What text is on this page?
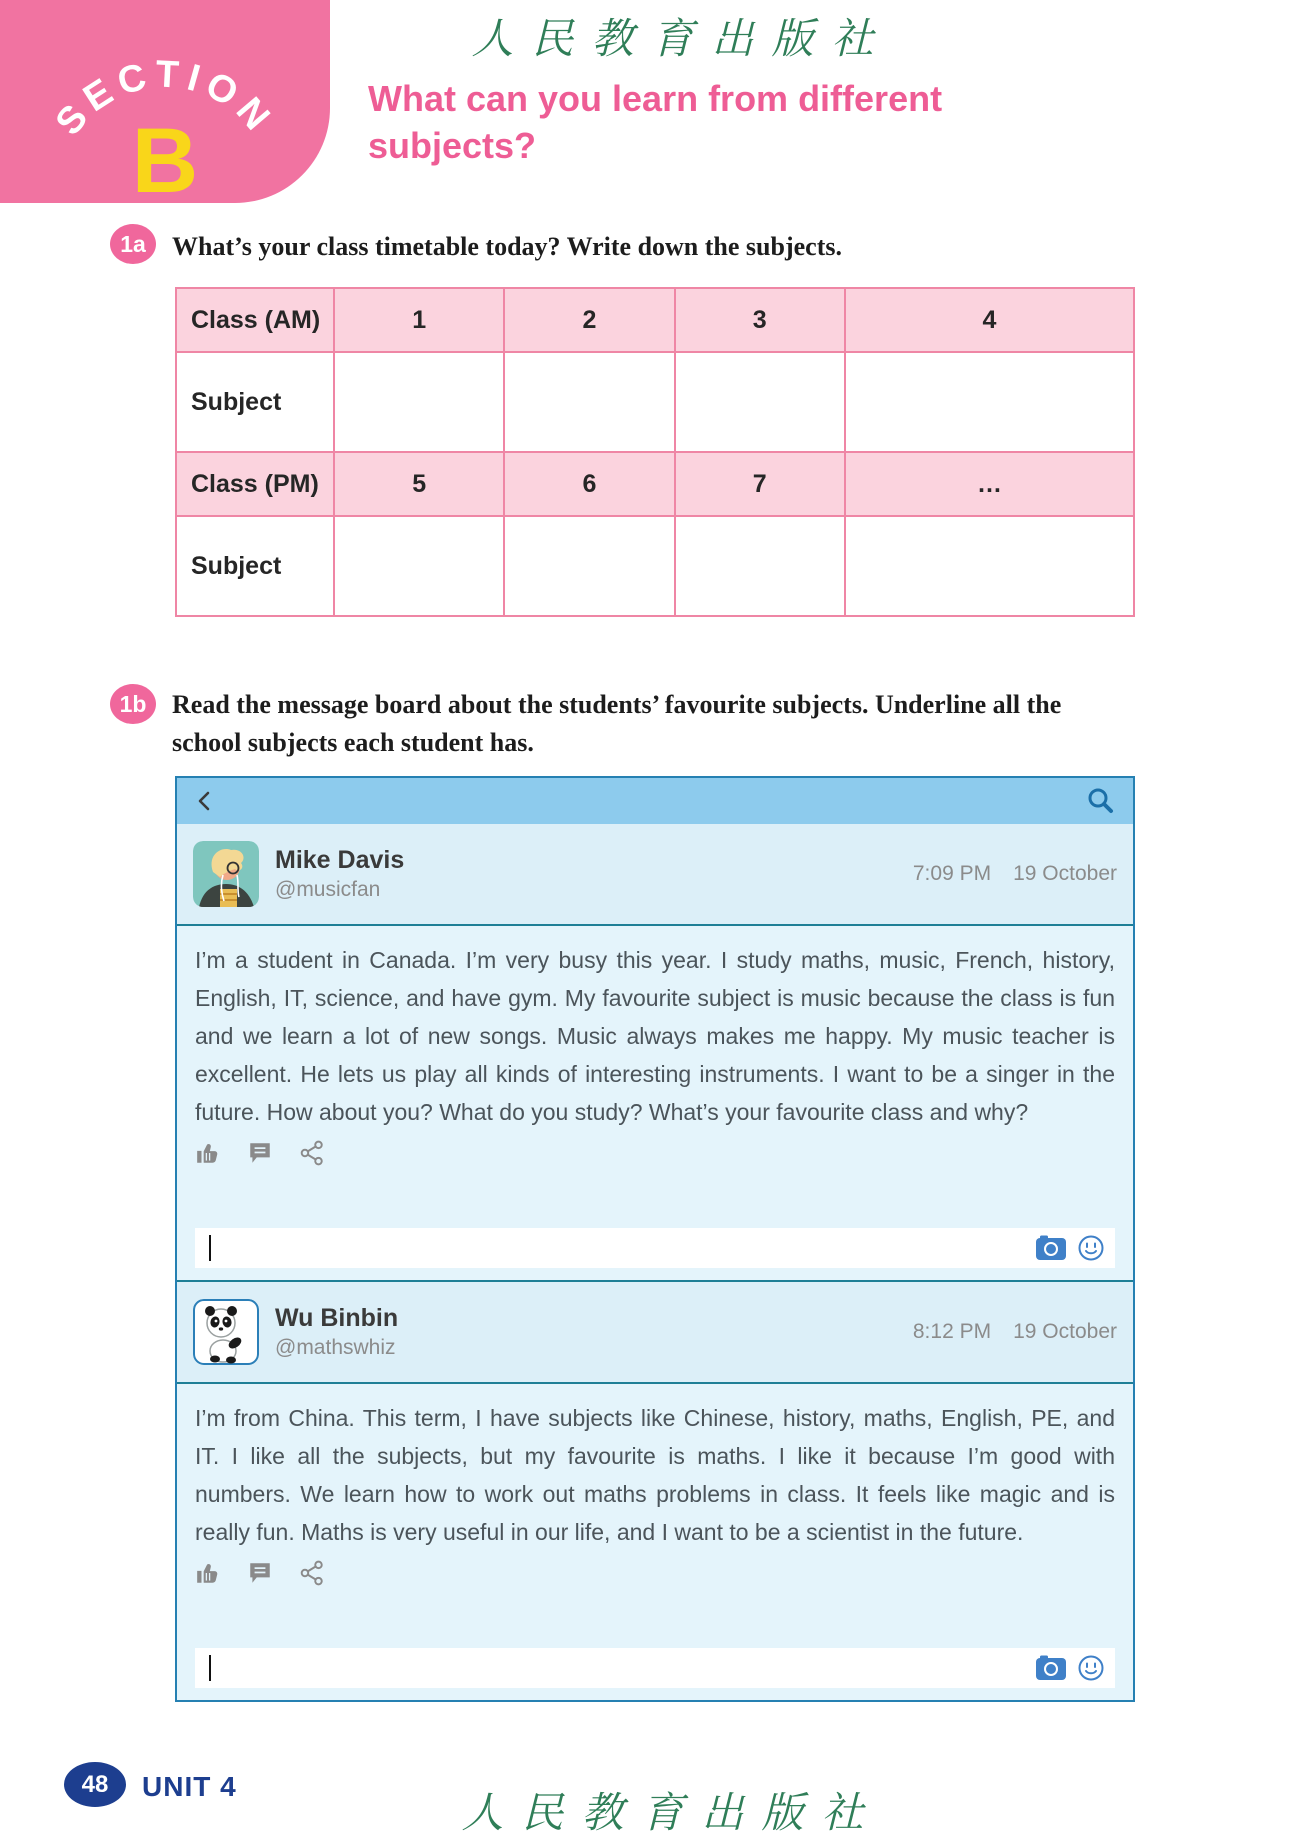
SECTION
B
人民教育出版社
What can you learn from different subjects?
1a	What’s your class timetable today? Write down the subjects.
Class (AM)	1	2	3	4
Subject				
Class (PM)	5	6	7	…
Subject				
1b Read the message board about the students’ favourite subjects. Underline all the school subjects each student has.
Mike Davis
@musicfan
7:09 PM 19 October

I’m a student in Canada. I’m very busy this year. I study maths, music, French, history, English, IT, science, and have gym. My favourite subject is music because the class is fun and we learn a lot of new songs. Music always makes me happy. My music teacher is excellent. He lets us play all kinds of interesting instruments. I want to be a singer in the future. How about you? What do you study? What’s your favourite class and why?

Wu Binbin
@mathswhiz
8:12 PM 19 October

I’m from China. This term, I have subjects like Chinese, history, maths, English, PE, and IT. I like all the subjects, but my favourite is maths. I like it because I’m good with numbers. We learn how to work out maths problems in class. It feels like magic and is really fun. Maths is very useful in our life, and I want to be a scientist in the future.

48	UNIT 4
人民教育出版社
